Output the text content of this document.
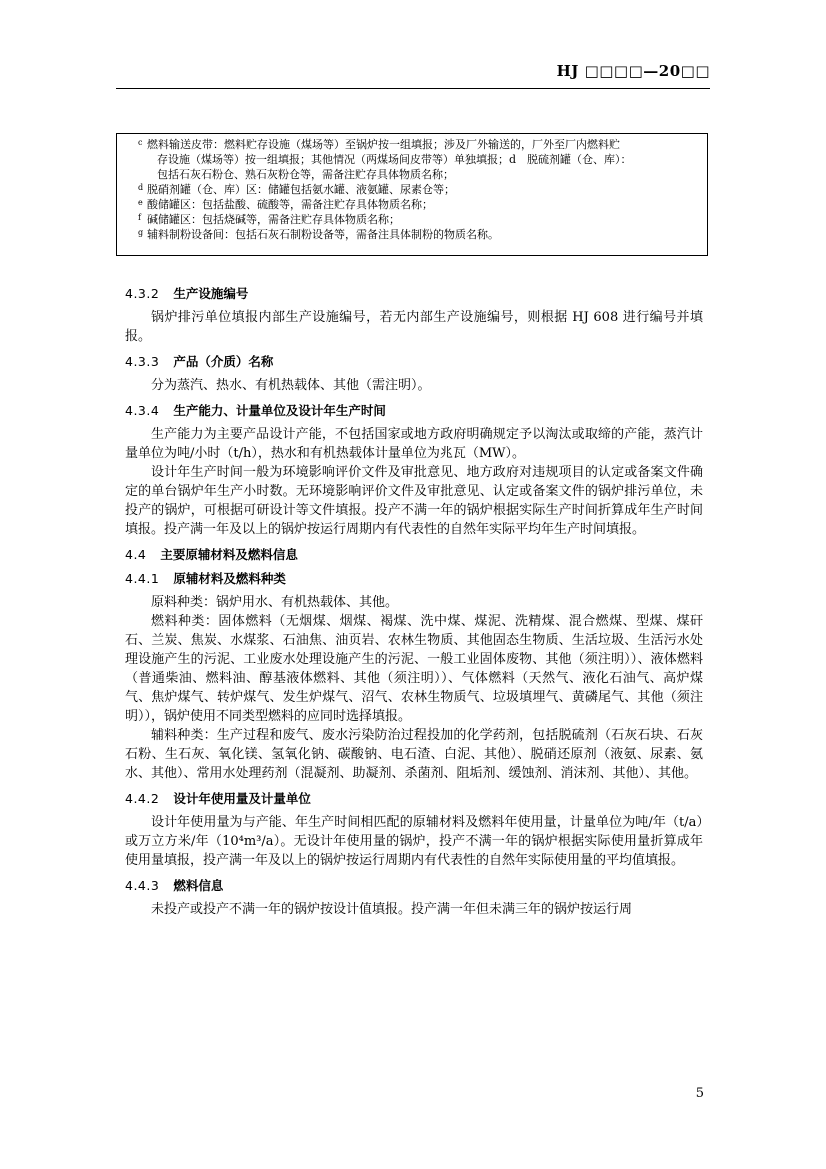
HJ □□□□—20□□
c 燃料输送皮带：燃料贮存设施（煤场等）至锅炉按一组填报；涉及厂外输送的，厂外至厂内燃料贮
存设施（煤场等）按一组填报；其他情况（两煤场间皮带等）单独填报；d　脱硫剂罐（仓、库）：
包括石灰石粉仓、熟石灰粉仓等，需备注贮存具体物质名称；
d 脱硝剂罐（仓、库）区：储罐包括氨水罐、液氨罐、尿素仓等；
e 酸储罐区：包括盐酸、硫酸等，需备注贮存具体物质名称；
f 碱储罐区：包括烧碱等，需备注贮存具体物质名称；
g 辅料制粉设备间：包括石灰石制粉设备等，需备注具体制粉的物质名称。
4.3.2 生产设施编号

锅炉排污单位填报内部生产设施编号，若无内部生产设施编号，则根据 HJ 608 进行编号并填报。

4.3.3 产品（介质）名称

分为蒸汽、热水、有机热载体、其他（需注明）。

4.3.4 生产能力、计量单位及设计年生产时间

生产能力为主要产品设计产能，不包括国家或地方政府明确规定予以淘汰或取缔的产能，蒸汽计量单位为吨/小时（t/h），热水和有机热载体计量单位为兆瓦（MW）。

设计年生产时间一般为环境影响评价文件及审批意见、地方政府对违规项目的认定或备案文件确定的单台锅炉年生产小时数。无环境影响评价文件及审批意见、认定或备案文件的锅炉排污单位，未投产的锅炉，可根据可研设计等文件填报。投产不满一年的锅炉根据实际生产时间折算成年生产时间填报。投产满一年及以上的锅炉按运行周期内有代表性的自然年实际平均年生产时间填报。

4.4 主要原辅材料及燃料信息
4.4.1 原辅材料及燃料种类

原料种类：锅炉用水、有机热载体、其他。

燃料种类：固体燃料（无烟煤、烟煤、褐煤、洗中煤、煤泥、洗精煤、混合燃煤、型煤、煤矸石、兰炭、焦炭、水煤浆、石油焦、油页岩、农林生物质、其他固态生物质、生活垃圾、生活污水处理设施产生的污泥、工业废水处理设施产生的污泥、一般工业固体废物、其他（须注明））、液体燃料（普通柴油、燃料油、醇基液体燃料、其他（须注明））、气体燃料（天然气、液化石油气、高炉煤气、焦炉煤气、转炉煤气、发生炉煤气、沼气、农林生物质气、垃圾填埋气、黄磷尾气、其他（须注明）），锅炉使用不同类型燃料的应同时选择填报。

辅料种类：生产过程和废气、废水污染防治过程投加的化学药剂，包括脱硫剂（石灰石块、石灰石粉、生石灰、氧化镁、氢氧化钠、碳酸钠、电石渣、白泥、其他）、脱硝还原剂（液氨、尿素、氨水、其他）、常用水处理药剂（混凝剂、助凝剂、杀菌剂、阻垢剂、缓蚀剂、消沫剂、其他）、其他。

4.4.2 设计年使用量及计量单位

设计年使用量为与产能、年生产时间相匹配的原辅材料及燃料年使用量，计量单位为吨/年（t/a）或万立方米/年（10⁴m³/a）。无设计年使用量的锅炉，投产不满一年的锅炉根据实际使用量折算成年使用量填报，投产满一年及以上的锅炉按运行周期内有代表性的自然年实际使用量的平均值填报。

4.4.3 燃料信息

未投产或投产不满一年的锅炉按设计值填报。投产满一年但未满三年的锅炉按运行周

5
